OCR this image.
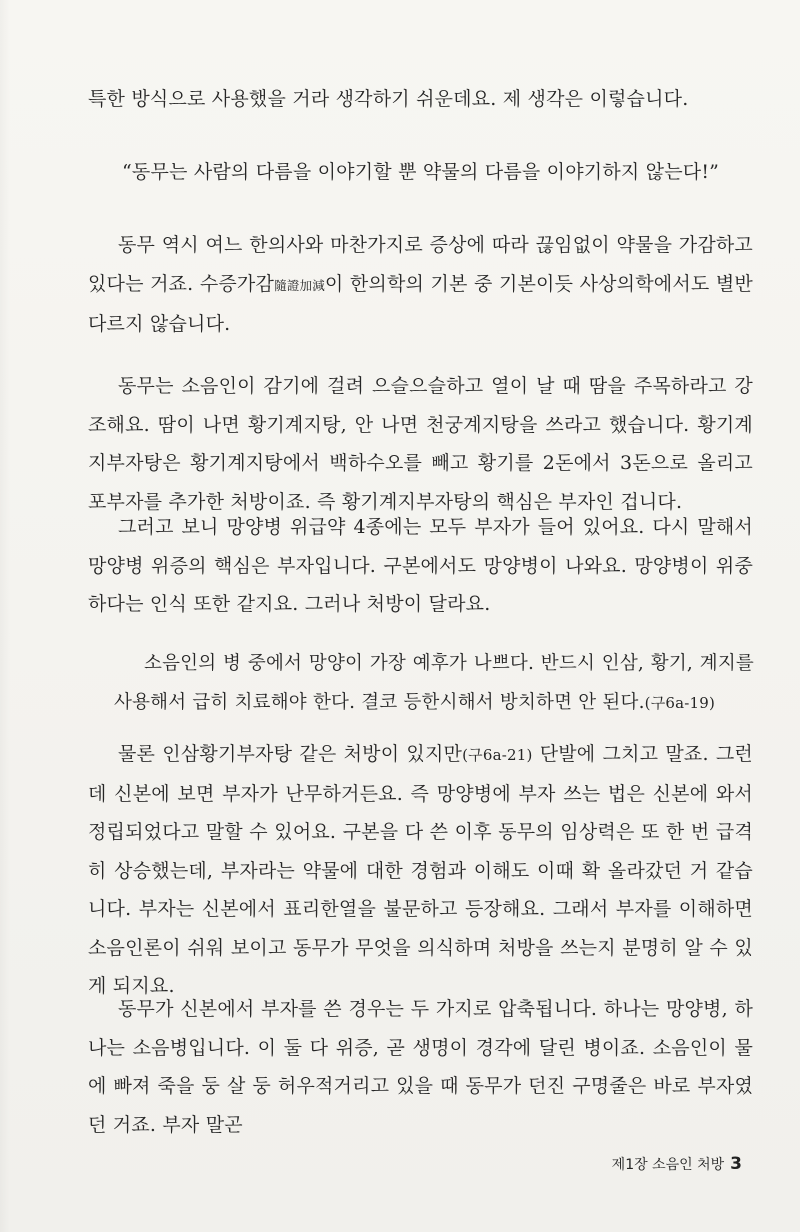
특한 방식으로 사용했을 거라 생각하기 쉬운데요. 제 생각은 이렇습니다.

“동무는 사람의 다름을 이야기할 뿐 약물의 다름을 이야기하지 않는다!”

동무 역시 여느 한의사와 마찬가지로 증상에 따라 끊임없이 약물을 가감하고 있다는 거죠. 수증가감隨證加減이 한의학의 기본 중 기본이듯 사상의학에서도 별반 다르지 않습니다.

동무는 소음인이 감기에 걸려 으슬으슬하고 열이 날 때 땀을 주목하라고 강조해요. 땀이 나면 황기계지탕, 안 나면 천궁계지탕을 쓰라고 했습니다. 황기계지부자탕은 황기계지탕에서 백하수오를 빼고 황기를 2돈에서 3돈으로 올리고 포부자를 추가한 처방이죠. 즉 황기계지부자탕의 핵심은 부자인 겁니다.

그러고 보니 망양병 위급약 4종에는 모두 부자가 들어 있어요. 다시 말해서 망양병 위증의 핵심은 부자입니다. 구본에서도 망양병이 나와요. 망양병이 위중하다는 인식 또한 같지요. 그러나 처방이 달라요.

소음인의 병 중에서 망양이 가장 예후가 나쁘다. 반드시 인삼, 황기, 계지를 사용해서 급히 치료해야 한다. 결코 등한시해서 방치하면 안 된다.(구6a-19)

물론 인삼황기부자탕 같은 처방이 있지만(구6a-21) 단발에 그치고 말죠. 그런데 신본에 보면 부자가 난무하거든요. 즉 망양병에 부자 쓰는 법은 신본에 와서 정립되었다고 말할 수 있어요. 구본을 다 쓴 이후 동무의 임상력은 또 한 번 급격히 상승했는데, 부자라는 약물에 대한 경험과 이해도 이때 확 올라갔던 거 같습니다. 부자는 신본에서 표리한열을 불문하고 등장해요. 그래서 부자를 이해하면 소음인론이 쉬워 보이고 동무가 무엇을 의식하며 처방을 쓰는지 분명히 알 수 있게 되지요.

동무가 신본에서 부자를 쓴 경우는 두 가지로 압축됩니다. 하나는 망양병, 하나는 소음병입니다. 이 둘 다 위증, 곧 생명이 경각에 달린 병이죠. 소음인이 물에 빠져 죽을 둥 살 둥 허우적거리고 있을 때 동무가 던진 구명줄은 바로 부자였던 거죠. 부자 말곤

제1장 소음인 처방 3
